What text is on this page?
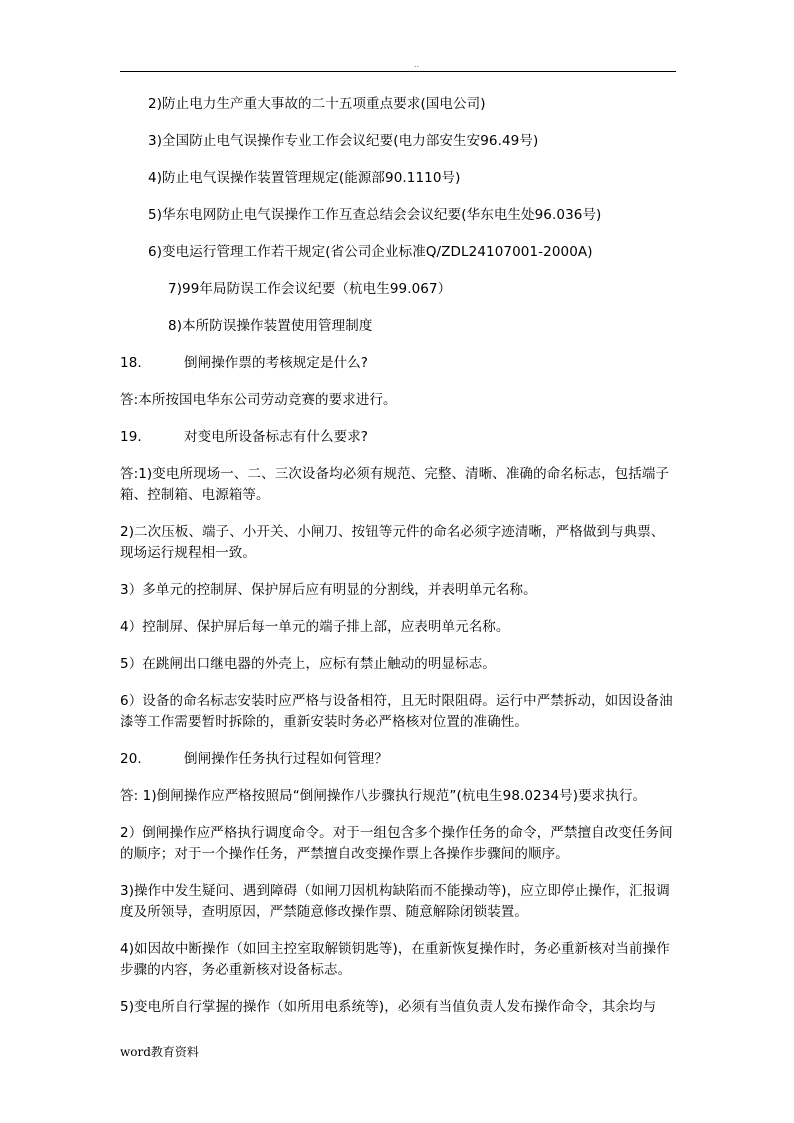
..

2)防止电力生产重大事故的二十五项重点要求(国电公司)

3)全国防止电气误操作专业工作会议纪要(电力部安生安96.49号)

4)防止电气误操作装置管理规定(能源部90.1110号)

5)华东电网防止电气误操作工作互查总结会会议纪要(华东电生处96.036号)

6)变电运行管理工作若干规定(省公司企业标准Q/ZDL24107001-2000A)

7)99年局防误工作会议纪要（杭电生99.067）

8)本所防误操作装置使用管理制度

18.	倒闸操作票的考核规定是什么?

答:本所按国电华东公司劳动竞赛的要求进行。

19.	对变电所设备标志有什么要求?

答:1)变电所现场一、二、三次设备均必须有规范、完整、清晰、准确的命名标志，包括端子箱、控制箱、电源箱等。

2)二次压板、端子、小开关、小闸刀、按钮等元件的命名必须字迹清晰，严格做到与典票、现场运行规程相一致。

3）多单元的控制屏、保护屏后应有明显的分割线，并表明单元名称。

4）控制屏、保护屏后每一单元的端子排上部，应表明单元名称。

5）在跳闸出口继电器的外壳上，应标有禁止触动的明显标志。

6）设备的命名标志安装时应严格与设备相符，且无时限阻碍。运行中严禁拆动，如因设备油漆等工作需要暂时拆除的，重新安装时务必严格核对位置的准确性。

20.	倒闸操作任务执行过程如何管理？

答: 1)倒闸操作应严格按照局“倒闸操作八步骤执行规范”(杭电生98.0234号)要求执行。

2）倒闸操作应严格执行调度命令。对于一组包含多个操作任务的命令，严禁擅自改变任务间的顺序；对于一个操作任务，严禁擅自改变操作票上各操作步骤间的顺序。

3)操作中发生疑问、遇到障碍（如闸刀因机构缺陷而不能操动等)，应立即停止操作，汇报调度及所领导，查明原因，严禁随意修改操作票、随意解除闭锁装置。

4)如因故中断操作（如回主控室取解锁钥匙等)，在重新恢复操作时，务必重新核对当前操作步骤的内容，务必重新核对设备标志。

5)变电所自行掌握的操作（如所用电系统等)，必须有当值负责人发布操作命令，其余均与

word教育资料
